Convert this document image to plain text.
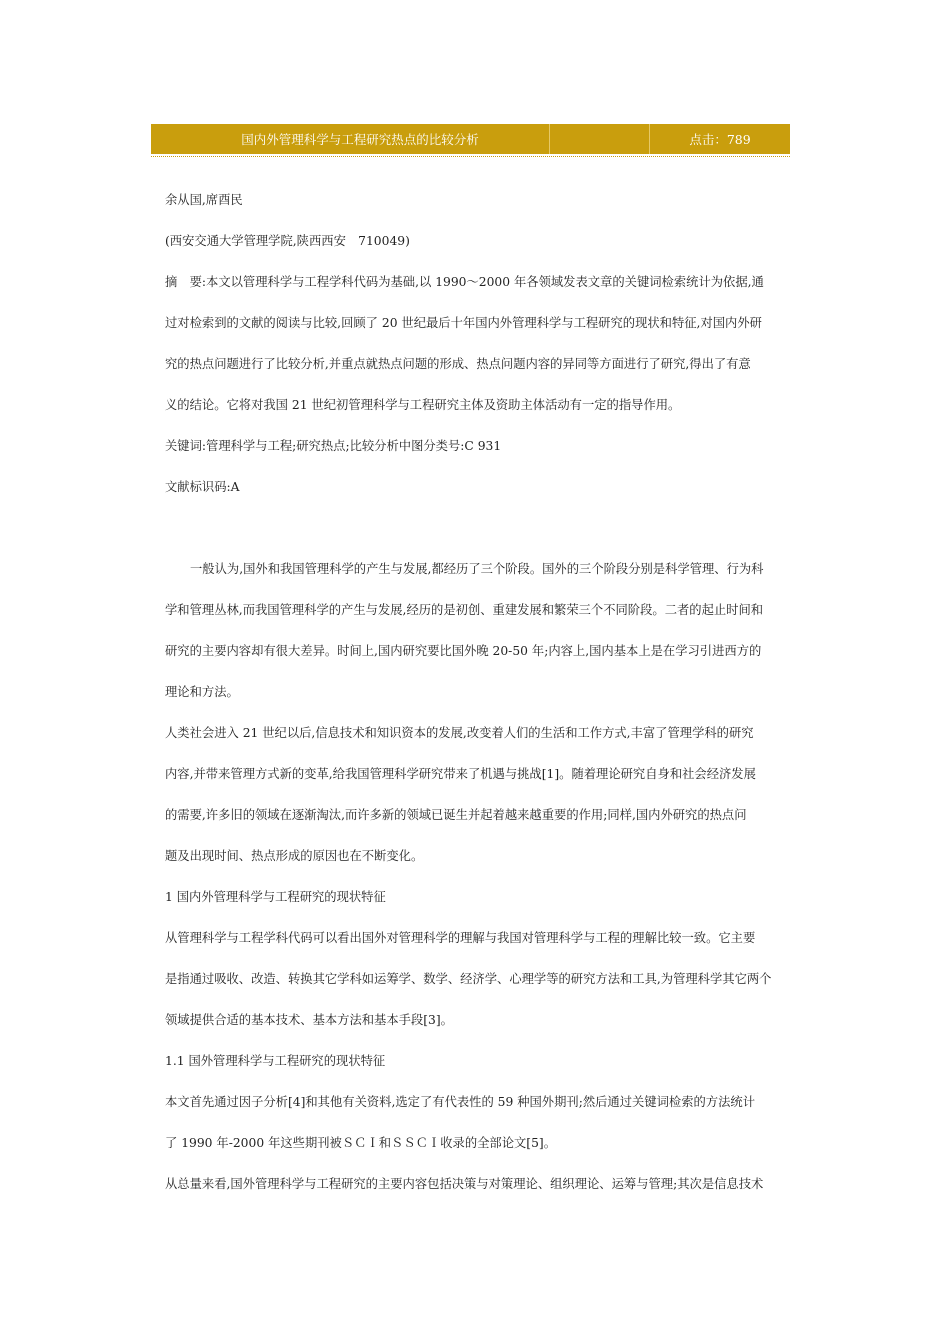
国内外管理科学与工程研究热点的比较分析	点击：789
余从国,席酉民
(西安交通大学管理学院,陕西西安　710049)
摘　要:本文以管理科学与工程学科代码为基础,以 1990～2000 年各领域发表文章的关键词检索统计为依据,通
过对检索到的文献的阅读与比较,回顾了 20 世纪最后十年国内外管理科学与工程研究的现状和特征,对国内外研
究的热点问题进行了比较分析,并重点就热点问题的形成、热点问题内容的异同等方面进行了研究,得出了有意
义的结论。它将对我国 21 世纪初管理科学与工程研究主体及资助主体活动有一定的指导作用。
关键词:管理科学与工程;研究热点;比较分析中图分类号:C 931
文献标识码:A
一般认为,国外和我国管理科学的产生与发展,都经历了三个阶段。国外的三个阶段分别是科学管理、行为科
学和管理丛林,而我国管理科学的产生与发展,经历的是初创、重建发展和繁荣三个不同阶段。二者的起止时间和
研究的主要内容却有很大差异。时间上,国内研究要比国外晚 20-50 年;内容上,国内基本上是在学习引进西方的
理论和方法。
人类社会进入 21 世纪以后,信息技术和知识资本的发展,改变着人们的生活和工作方式,丰富了管理学科的研究
内容,并带来管理方式新的变革,给我国管理科学研究带来了机遇与挑战[1]。随着理论研究自身和社会经济发展
的需要,许多旧的领域在逐渐淘汰,而许多新的领域已诞生并起着越来越重要的作用;同样,国内外研究的热点问
题及出现时间、热点形成的原因也在不断变化。
1 国内外管理科学与工程研究的现状特征
从管理科学与工程学科代码可以看出国外对管理科学的理解与我国对管理科学与工程的理解比较一致。它主要
是指通过吸收、改造、转换其它学科如运筹学、数学、经济学、心理学等的研究方法和工具,为管理科学其它两个
领域提供合适的基本技术、基本方法和基本手段[3]。
1.1 国外管理科学与工程研究的现状特征
本文首先通过因子分析[4]和其他有关资料,选定了有代表性的 59 种国外期刊;然后通过关键词检索的方法统计
了 1990 年-2000 年这些期刊被ＳＣＩ和ＳＳＣＩ收录的全部论文[5]。
从总量来看,国外管理科学与工程研究的主要内容包括决策与对策理论、组织理论、运筹与管理;其次是信息技术
